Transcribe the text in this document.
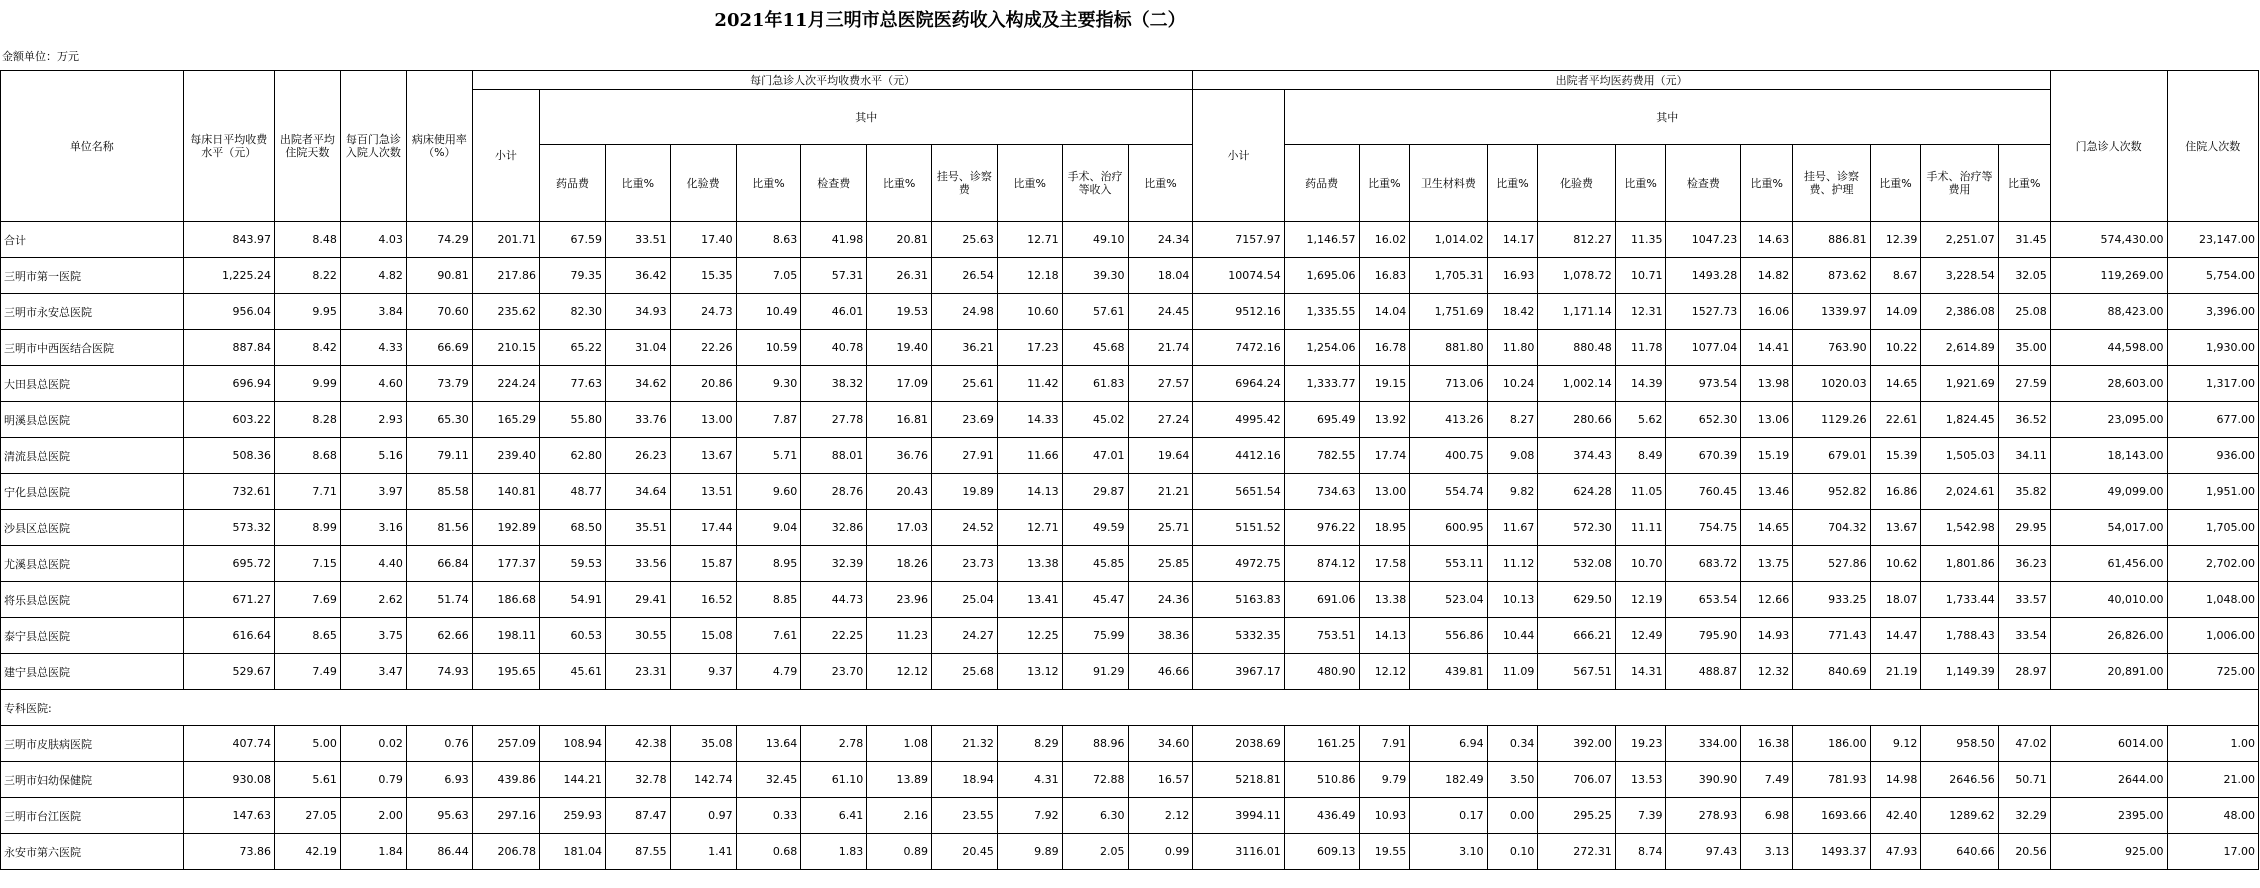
2021年11月三明市总医院医药收入构成及主要指标（二）
金额单位：万元
单位名称	每床日平均收费水平（元）	出院者平均住院天数	每百门急诊入院人次数	病床使用率（%）	每门急诊人次平均收费水平（元）											出院者平均医药费用（元）													门急诊人次数	住院人次数
					小计	其中										小计	其中													
						药品费	比重%	化验费	比重%	检查费	比重%	挂号、诊察费	比重%	手术、治疗等收入	比重%		药品费	比重%	卫生材料费	比重%	化验费	比重%	检查费	比重%	挂号、诊察费、护理	比重%	手术、治疗等费用	比重%		
合计	843.97	8.48	4.03	74.29	201.71	67.59	33.51	17.40	8.63	41.98	20.81	25.63	12.71	49.10	24.34	7157.97	1,146.57	16.02	1,014.02	14.17	812.27	11.35	1047.23	14.63	886.81	12.39	2,251.07	31.45	574,430.00	23,147.00
三明市第一医院	1,225.24	8.22	4.82	90.81	217.86	79.35	36.42	15.35	7.05	57.31	26.31	26.54	12.18	39.30	18.04	10074.54	1,695.06	16.83	1,705.31	16.93	1,078.72	10.71	1493.28	14.82	873.62	8.67	3,228.54	32.05	119,269.00	5,754.00
三明市永安总医院	956.04	9.95	3.84	70.60	235.62	82.30	34.93	24.73	10.49	46.01	19.53	24.98	10.60	57.61	24.45	9512.16	1,335.55	14.04	1,751.69	18.42	1,171.14	12.31	1527.73	16.06	1339.97	14.09	2,386.08	25.08	88,423.00	3,396.00
三明市中西医结合医院	887.84	8.42	4.33	66.69	210.15	65.22	31.04	22.26	10.59	40.78	19.40	36.21	17.23	45.68	21.74	7472.16	1,254.06	16.78	881.80	11.80	880.48	11.78	1077.04	14.41	763.90	10.22	2,614.89	35.00	44,598.00	1,930.00
大田县总医院	696.94	9.99	4.60	73.79	224.24	77.63	34.62	20.86	9.30	38.32	17.09	25.61	11.42	61.83	27.57	6964.24	1,333.77	19.15	713.06	10.24	1,002.14	14.39	973.54	13.98	1020.03	14.65	1,921.69	27.59	28,603.00	1,317.00
明溪县总医院	603.22	8.28	2.93	65.30	165.29	55.80	33.76	13.00	7.87	27.78	16.81	23.69	14.33	45.02	27.24	4995.42	695.49	13.92	413.26	8.27	280.66	5.62	652.30	13.06	1129.26	22.61	1,824.45	36.52	23,095.00	677.00
清流县总医院	508.36	8.68	5.16	79.11	239.40	62.80	26.23	13.67	5.71	88.01	36.76	27.91	11.66	47.01	19.64	4412.16	782.55	17.74	400.75	9.08	374.43	8.49	670.39	15.19	679.01	15.39	1,505.03	34.11	18,143.00	936.00
宁化县总医院	732.61	7.71	3.97	85.58	140.81	48.77	34.64	13.51	9.60	28.76	20.43	19.89	14.13	29.87	21.21	5651.54	734.63	13.00	554.74	9.82	624.28	11.05	760.45	13.46	952.82	16.86	2,024.61	35.82	49,099.00	1,951.00
沙县区总医院	573.32	8.99	3.16	81.56	192.89	68.50	35.51	17.44	9.04	32.86	17.03	24.52	12.71	49.59	25.71	5151.52	976.22	18.95	600.95	11.67	572.30	11.11	754.75	14.65	704.32	13.67	1,542.98	29.95	54,017.00	1,705.00
尤溪县总医院	695.72	7.15	4.40	66.84	177.37	59.53	33.56	15.87	8.95	32.39	18.26	23.73	13.38	45.85	25.85	4972.75	874.12	17.58	553.11	11.12	532.08	10.70	683.72	13.75	527.86	10.62	1,801.86	36.23	61,456.00	2,702.00
将乐县总医院	671.27	7.69	2.62	51.74	186.68	54.91	29.41	16.52	8.85	44.73	23.96	25.04	13.41	45.47	24.36	5163.83	691.06	13.38	523.04	10.13	629.50	12.19	653.54	12.66	933.25	18.07	1,733.44	33.57	40,010.00	1,048.00
泰宁县总医院	616.64	8.65	3.75	62.66	198.11	60.53	30.55	15.08	7.61	22.25	11.23	24.27	12.25	75.99	38.36	5332.35	753.51	14.13	556.86	10.44	666.21	12.49	795.90	14.93	771.43	14.47	1,788.43	33.54	26,826.00	1,006.00
建宁县总医院	529.67	7.49	3.47	74.93	195.65	45.61	23.31	9.37	4.79	23.70	12.12	25.68	13.12	91.29	46.66	3967.17	480.90	12.12	439.81	11.09	567.51	14.31	488.87	12.32	840.69	21.19	1,149.39	28.97	20,891.00	725.00
专科医院:																														
三明市皮肤病医院	407.74	5.00	0.02	0.76	257.09	108.94	42.38	35.08	13.64	2.78	1.08	21.32	8.29	88.96	34.60	2038.69	161.25	7.91	6.94	0.34	392.00	19.23	334.00	16.38	186.00	9.12	958.50	47.02	6014.00	1.00
三明市妇幼保健院	930.08	5.61	0.79	6.93	439.86	144.21	32.78	142.74	32.45	61.10	13.89	18.94	4.31	72.88	16.57	5218.81	510.86	9.79	182.49	3.50	706.07	13.53	390.90	7.49	781.93	14.98	2646.56	50.71	2644.00	21.00
三明市台江医院	147.63	27.05	2.00	95.63	297.16	259.93	87.47	0.97	0.33	6.41	2.16	23.55	7.92	6.30	2.12	3994.11	436.49	10.93	0.17	0.00	295.25	7.39	278.93	6.98	1693.66	42.40	1289.62	32.29	2395.00	48.00
永安市第六医院	73.86	42.19	1.84	86.44	206.78	181.04	87.55	1.41	0.68	1.83	0.89	20.45	9.89	2.05	0.99	3116.01	609.13	19.55	3.10	0.10	272.31	8.74	97.43	3.13	1493.37	47.93	640.66	20.56	925.00	17.00
